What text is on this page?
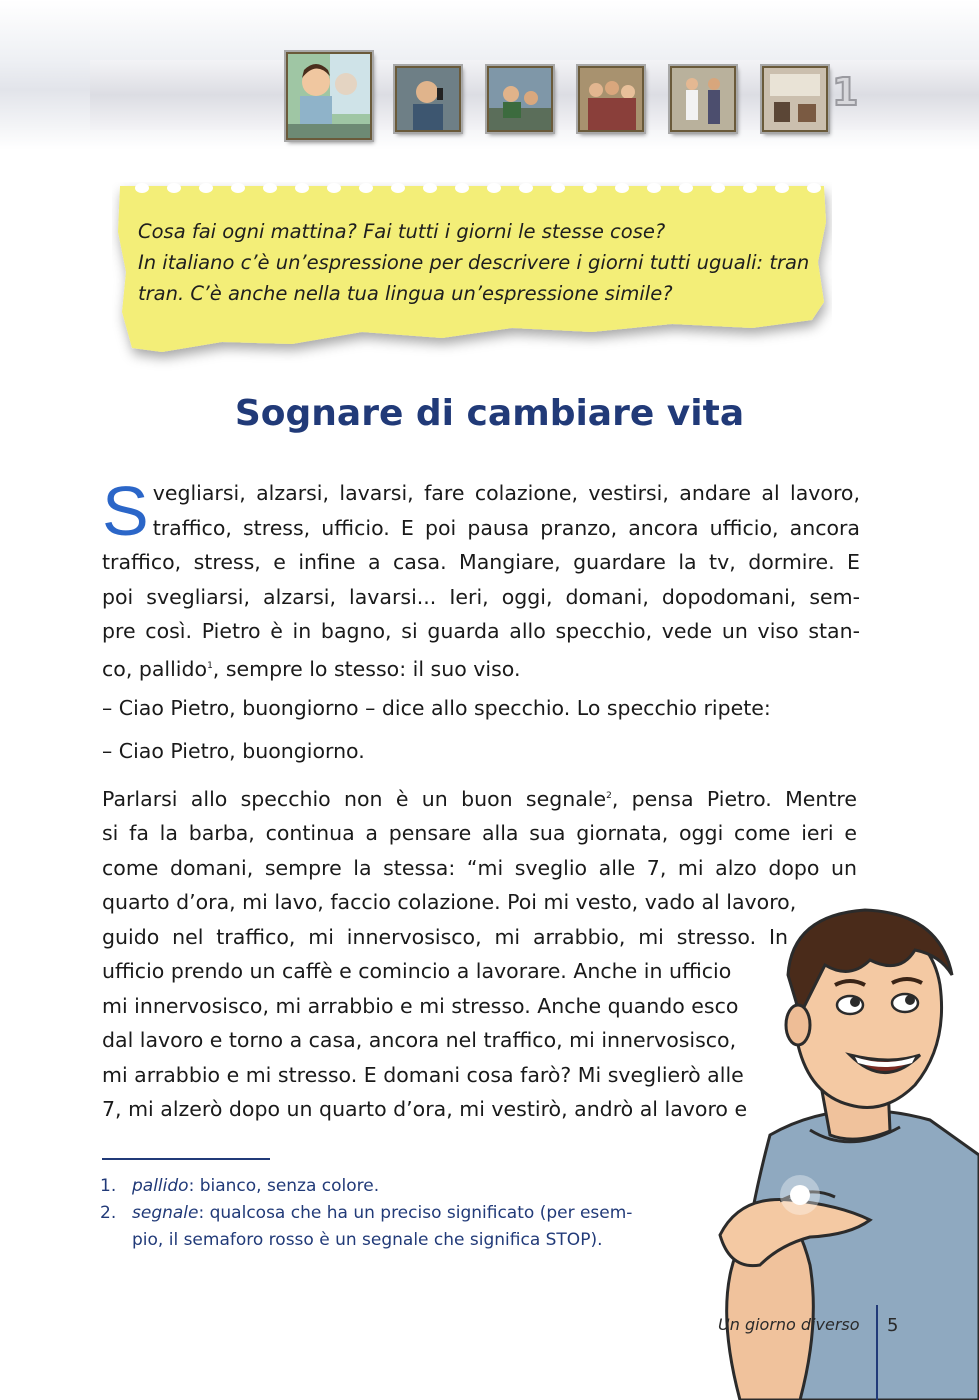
1
Cosa fai ogni mattina? Fai tutti i giorni le stesse cose?
In italiano c’è un’espressione per descrivere i giorni tutti uguali: tran
tran. C’è anche nella tua lingua un’espressione simile?
Sognare di cambiare vita
S vegliarsi, alzarsi, lavarsi, fare colazione, vestirsi, andare al lavoro,
traffico, stress, ufficio. E poi pausa pranzo, ancora ufficio, ancora
traffico, stress, e infine a casa. Mangiare, guardare la tv, dormire. E
poi svegliarsi, alzarsi, lavarsi... Ieri, oggi, domani, dopodomani, sem-
pre così. Pietro è in bagno, si guarda allo specchio, vede un viso stan-
co, pallido$^1$, sempre lo stesso: il suo viso.
– Ciao Pietro, buongiorno – dice allo specchio. Lo specchio ripete:
– Ciao Pietro, buongiorno.
Parlarsi allo specchio non è un buon segnale$^2$, pensa Pietro. Mentre
si fa la barba, continua a pensare alla sua giornata, oggi come ieri e
come domani, sempre la stessa: “mi sveglio alle 7, mi alzo dopo un
quarto d’ora, mi lavo, faccio colazione. Poi mi vesto, vado al lavoro,
guido nel traffico, mi innervosisco, mi arrabbio, mi stresso. In
ufficio prendo un caffè e comincio a lavorare. Anche in ufficio
mi innervosisco, mi arrabbio e mi stresso. Anche quando esco
dal lavoro e torno a casa, ancora nel traffico, mi innervosisco,
mi arrabbio e mi stresso. E domani cosa farò? Mi sveglierò alle
7, mi alzerò dopo un quarto d’ora, mi vestirò, andrò al lavoro e
1. pallido: bianco, senza colore.
2. segnale: qualcosa che ha un preciso significato (per esem-
pio, il semaforo rosso è un segnale che significa STOP).
Un giorno diverso 5
